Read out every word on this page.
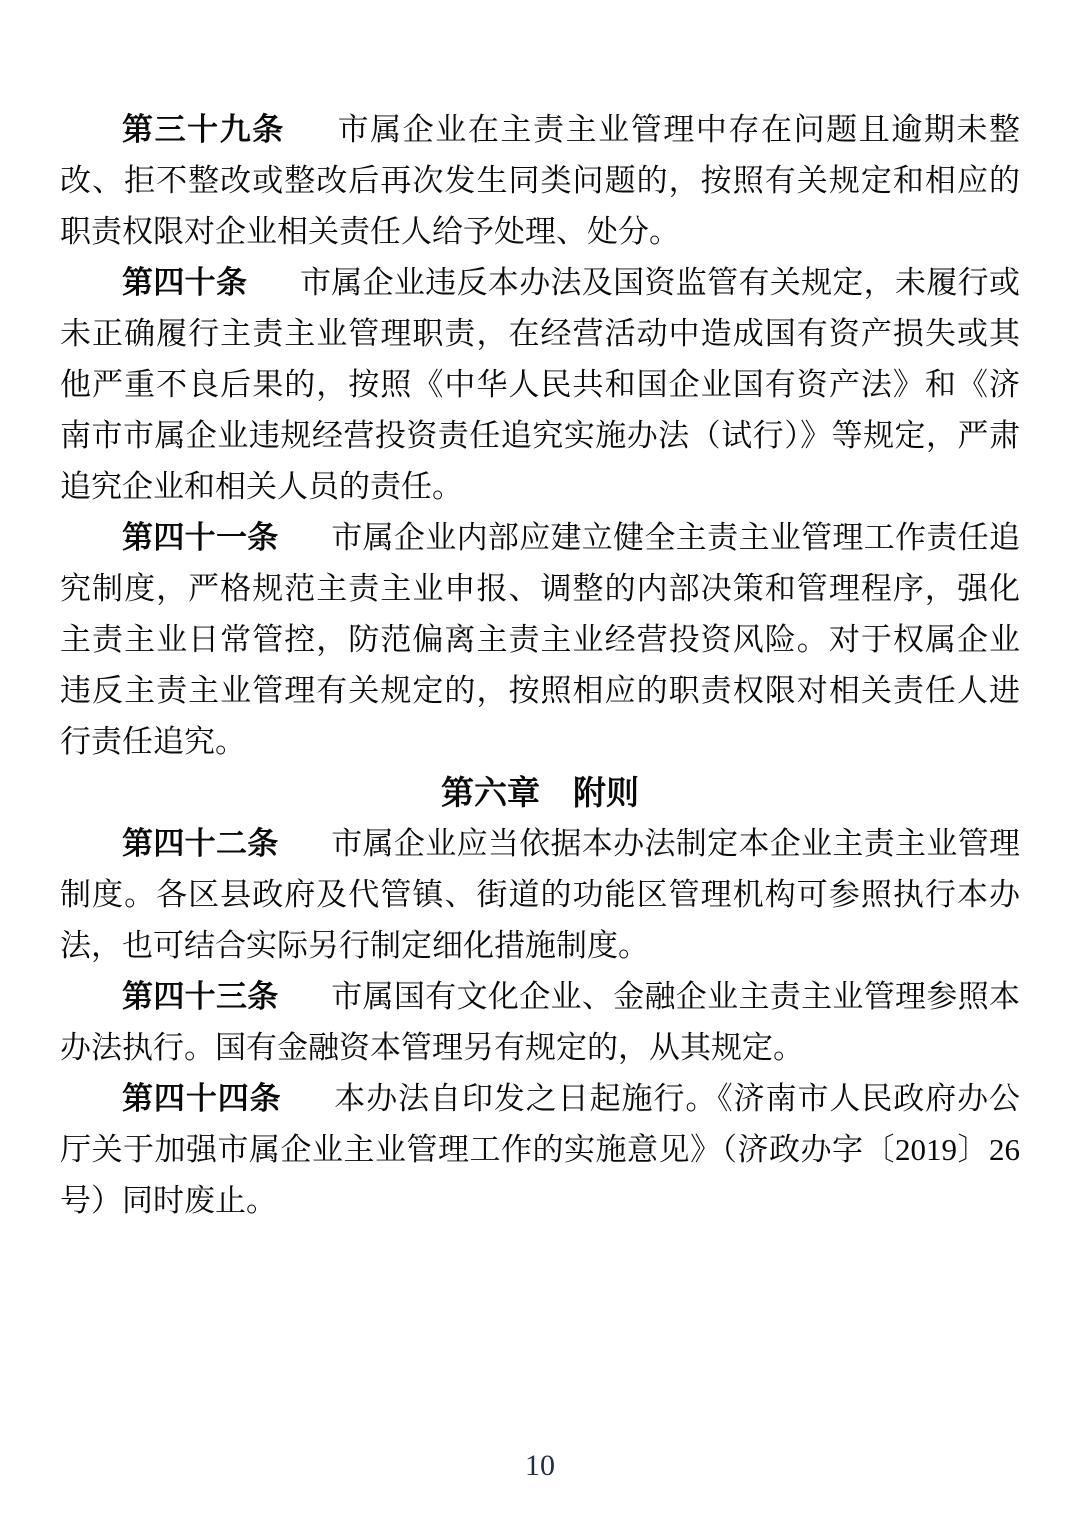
第三十九条 市属企业在主责主业管理中存在问题且逾期未整改、拒不整改或整改后再次发生同类问题的，按照有关规定和相应的职责权限对企业相关责任人给予处理、处分。

第四十条 市属企业违反本办法及国资监管有关规定，未履行或未正确履行主责主业管理职责，在经营活动中造成国有资产损失或其他严重不良后果的，按照《中华人民共和国企业国有资产法》和《济南市市属企业违规经营投资责任追究实施办法（试行）》等规定，严肃追究企业和相关人员的责任。

第四十一条 市属企业内部应建立健全主责主业管理工作责任追究制度，严格规范主责主业申报、调整的内部决策和管理程序，强化主责主业日常管控，防范偏离主责主业经营投资风险。对于权属企业违反主责主业管理有关规定的，按照相应的职责权限对相关责任人进行责任追究。

第六章　附则

第四十二条 市属企业应当依据本办法制定本企业主责主业管理制度。各区县政府及代管镇、街道的功能区管理机构可参照执行本办法，也可结合实际另行制定细化措施制度。

第四十三条 市属国有文化企业、金融企业主责主业管理参照本办法执行。国有金融资本管理另有规定的，从其规定。

第四十四条 本办法自印发之日起施行。《济南市人民政府办公厅关于加强市属企业主业管理工作的实施意见》（济政办字〔2019〕26号）同时废止。

10
